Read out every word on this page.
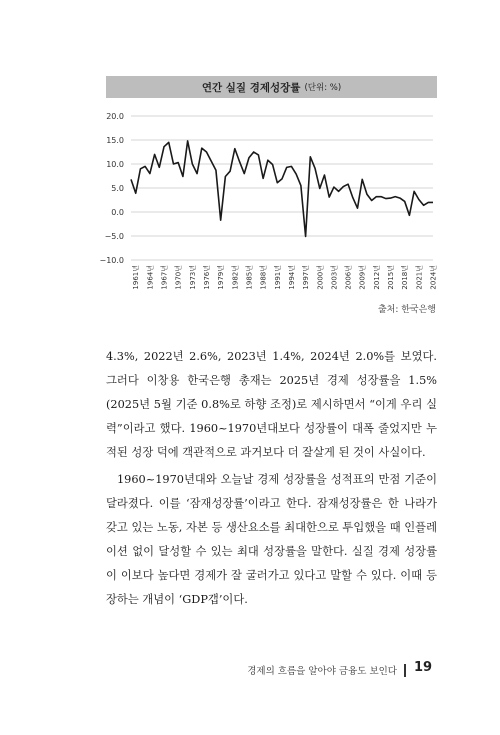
연간 실질 경제성장률 (단위: %)
20.0
15.0
10.0
5.0
0.0
−5.0
−10.0
1961년 1964년 1967년 1970년 1973년 1976년 1979년 1982년 1985년 1988년 1991년 1994년 1997년 2000년 2003년 2006년 2009년 2012년 2015년 2018년 2021년 2024년
출처: 한국은행

4.3%, 2022년 2.6%, 2023년 1.4%, 2024년 2.0%를 보였다. 그러다 이창용 한국은행 총재는 2025년 경제 성장률을 1.5%(2025년 5월 기준 0.8%로 하향 조정)로 제시하면서 “이게 우리 실력”이라고 했다. 1960~1970년대보다 성장률이 대폭 줄었지만 누적된 성장 덕에 객관적으로 과거보다 더 잘살게 된 것이 사실이다.

1960~1970년대와 오늘날 경제 성장률을 성적표의 만점 기준이 달라졌다. 이를 ‘잠재성장률’이라고 한다. 잠재성장률은 한 나라가 갖고 있는 노동, 자본 등 생산요소를 최대한으로 투입했을 때 인플레이션 없이 달성할 수 있는 최대 성장률을 말한다. 실질 경제 성장률이 이보다 높다면 경제가 잘 굴러가고 있다고 말할 수 있다. 이때 등장하는 개념이 ‘GDP갭’이다.

경제의 흐름을 알아야 금융도 보인다 19
